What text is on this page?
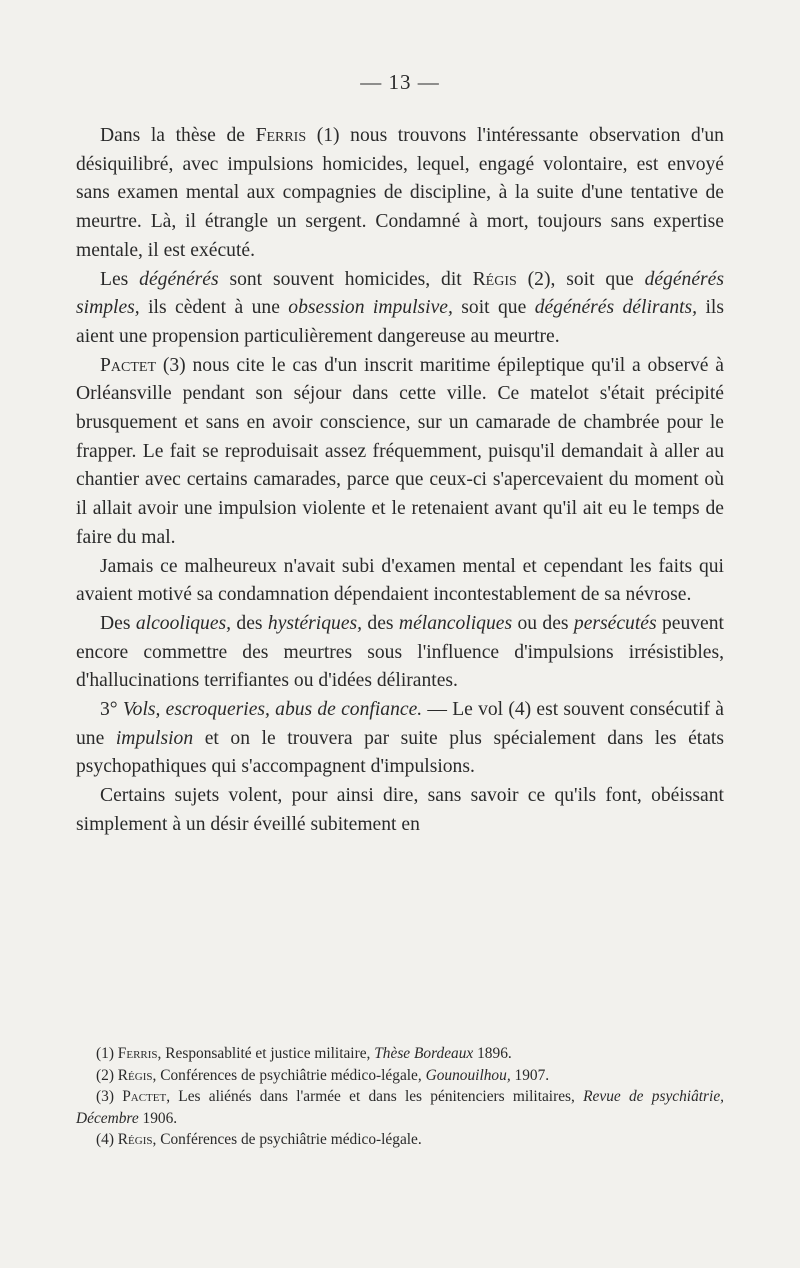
— 13 —

Dans la thèse de Ferris (1) nous trouvons l'intéressante observation d'un désiquilibré, avec impulsions homicides, lequel, engagé volontaire, est envoyé sans examen mental aux compagnies de discipline, à la suite d'une tentative de meurtre. Là, il étrangle un sergent. Condamné à mort, toujours sans expertise mentale, il est exécuté.

Les dégénérés sont souvent homicides, dit Régis (2), soit que dégénérés simples, ils cèdent à une obsession impulsive, soit que dégénérés délirants, ils aient une propension particulièrement dangereuse au meurtre.

Pactet (3) nous cite le cas d'un inscrit maritime épileptique qu'il a observé à Orléansville pendant son séjour dans cette ville. Ce matelot s'était précipité brusquement et sans en avoir conscience, sur un camarade de chambrée pour le frapper. Le fait se reproduisait assez fréquemment, puisqu'il demandait à aller au chantier avec certains camarades, parce que ceux-ci s'apercevaient du moment où il allait avoir une impulsion violente et le retenaient avant qu'il ait eu le temps de faire du mal.

Jamais ce malheureux n'avait subi d'examen mental et cependant les faits qui avaient motivé sa condamnation dépendaient incontestablement de sa névrose.

Des alcooliques, des hystériques, des mélancoliques ou des persécutés peuvent encore commettre des meurtres sous l'influence d'impulsions irrésistibles, d'hallucinations terrifiantes ou d'idées délirantes.

3° Vols, escroqueries, abus de confiance. — Le vol (4) est souvent consécutif à une impulsion et on le trouvera par suite plus spécialement dans les états psychopathiques qui s'accompagnent d'impulsions.

Certains sujets volent, pour ainsi dire, sans savoir ce qu'ils font, obéissant simplement à un désir éveillé subitement en

(1) Ferris, Responsablité et justice militaire, Thèse Bordeaux 1896.

(2) Régis, Conférences de psychiâtrie médico-légale, Gounouilhou, 1907.

(3) Pactet, Les aliénés dans l'armée et dans les pénitenciers militaires, Revue de psychiâtrie, Décembre 1906.

(4) Régis, Conférences de psychiâtrie médico-légale.
